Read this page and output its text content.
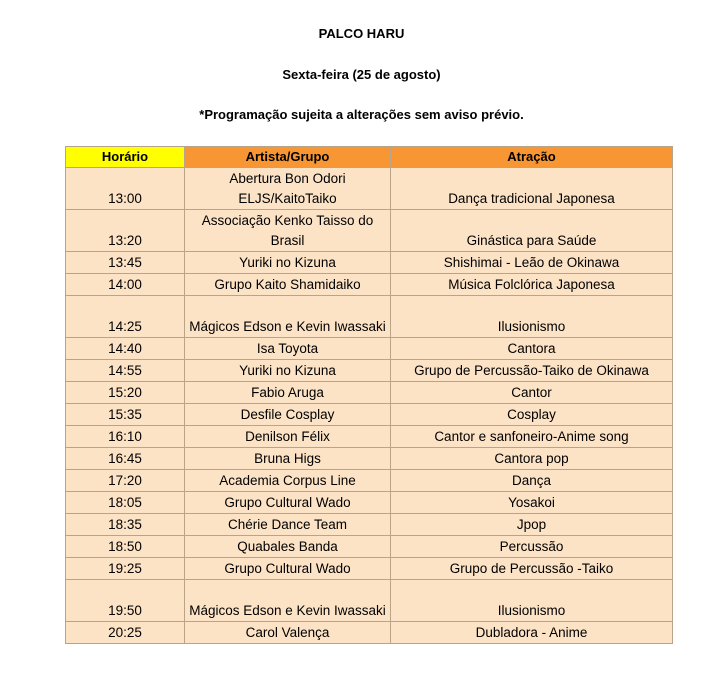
PALCO HARU
Sexta-feira (25 de agosto)
*Programação sujeita a alterações sem aviso prévio.
Horário	Artista/Grupo	Atração
13:00	Abertura Bon Odori ELJS/KaitoTaiko	Dança tradicional Japonesa
13:20	Associação Kenko Taisso do Brasil	Ginástica para Saúde
13:45	Yuriki no Kizuna	Shishimai - Leão de Okinawa
14:00	Grupo Kaito Shamidaiko	Música Folclórica Japonesa
14:25	Mágicos Edson e Kevin Iwassaki	Ilusionismo
14:40	Isa Toyota	Cantora
14:55	Yuriki no Kizuna	Grupo de Percussão-Taiko de Okinawa
15:20	Fabio Aruga	Cantor
15:35	Desfile Cosplay	Cosplay
16:10	Denilson Félix	Cantor e sanfoneiro-Anime song
16:45	Bruna Higs	Cantora pop
17:20	Academia Corpus Line	Dança
18:05	Grupo Cultural Wado	Yosakoi
18:35	Chérie Dance Team	Jpop
18:50	Quabales Banda	Percussão
19:25	Grupo Cultural Wado	Grupo de Percussão -Taiko
19:50	Mágicos Edson e Kevin Iwassaki	Ilusionismo
20:25	Carol Valença	Dubladora - Anime
